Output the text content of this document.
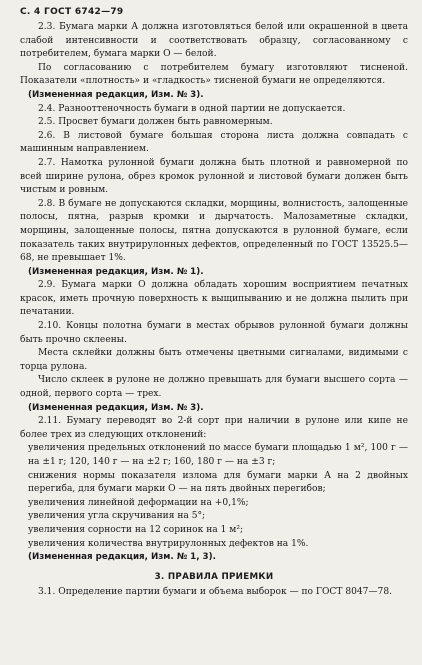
С. 4 ГОСТ 6742—79

2.3. Бумага марки А должна изготовляться белой или окрашенной в цвета слабой интенсивности и соответствовать образцу, согласованному с потребителем, бумага марки О — белой.

По согласованию с потребителем бумагу изготовляют тисненой. Показатели «плотность» и «гладкость» тисненой бумаги не определяются.

(Измененная редакция, Изм. № 3).

2.4. Разнооттеночность бумаги в одной партии не допускается.

2.5. Просвет бумаги должен быть равномерным.

2.6. В листовой бумаге большая сторона листа должна совпадать с машинным направлением.

2.7. Намотка рулонной бумаги должна быть плотной и равномерной по всей ширине рулона, обрез кромок рулонной и листовой бумаги должен быть чистым и ровным.

2.8. В бумаге не допускаются складки, морщины, волнистость, залощенные полосы, пятна, разрыв кромки и дырчатость. Малозаметные складки, морщины, залощенные полосы, пятна допускаются в рулонной бумаге, если показатель таких внутрирулонных дефектов, определенный по ГОСТ 13525.5—68, не превышает 1%.

(Измененная редакция, Изм. № 1).

2.9. Бумага марки О должна обладать хорошим восприятием печатных красок, иметь прочную поверхность к выщипыванию и не должна пылить при печатании.

2.10. Концы полотна бумаги в местах обрывов рулонной бумаги должны быть прочно склеены.

Места склейки должны быть отмечены цветными сигналами, видимыми с торца рулона.

Число склеек в рулоне не должно превышать для бумаги высшего сорта — одной, первого сорта — трех.

(Измененная редакция, Изм. № 3).

2.11. Бумагу переводят во 2-й сорт при наличии в рулоне или кипе не более трех из следующих отклонений:

увеличения предельных отклонений по массе бумаги площадью 1 м², 100 г — на ±1 г; 120, 140 г — на ±2 г; 160, 180 г — на ±3 г;

снижения нормы показателя излома для бумаги марки А на 2 двойных перегиба, для бумаги марки О — на пять двойных перегибов;

увеличения линейной деформации на +0,1%;

увеличения угла скручивания на 5°;

увеличения сорности на 12 соринок на 1 м²;

увеличения количества внутрирулонных дефектов на 1%.

(Измененная редакция, Изм. № 1, 3).

3. ПРАВИЛА ПРИЕМКИ

3.1. Определение партии бумаги и объема выборок — по ГОСТ 8047—78.
